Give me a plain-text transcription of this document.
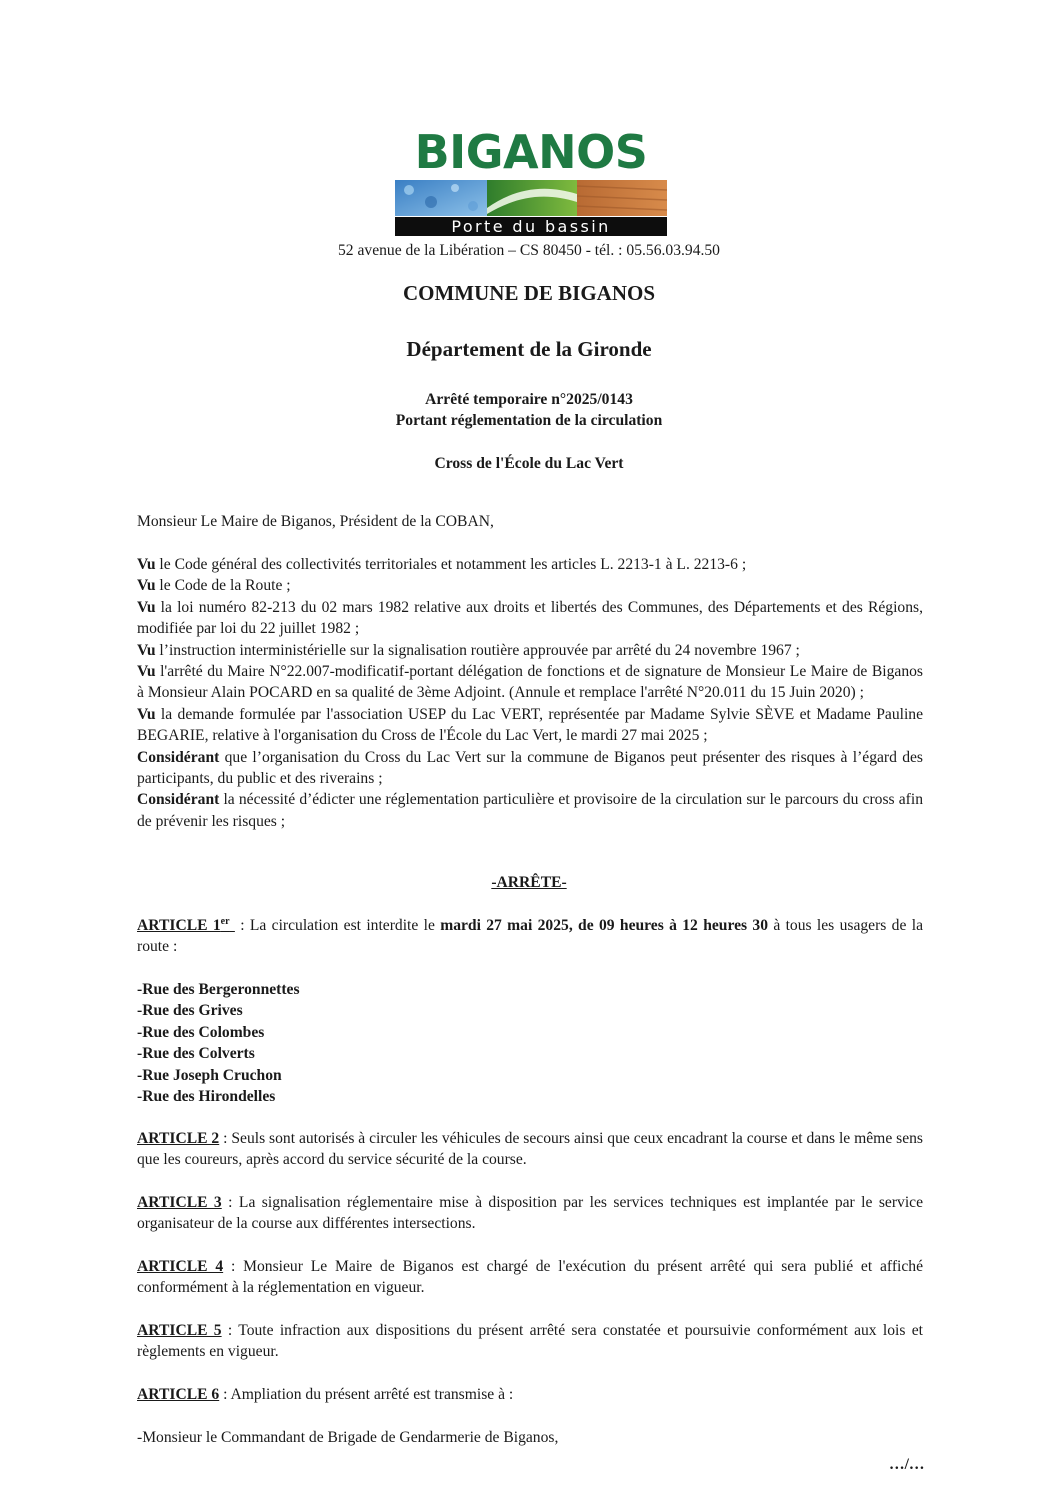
BIGANOS
Porte du bassin
52 avenue de la Libération – CS 80450 - tél. : 05.56.03.94.50
COMMUNE DE BIGANOS
Département de la Gironde
Arrêté temporaire n°2025/0143
Portant réglementation de la circulation
Cross de l'École du Lac Vert
Monsieur Le Maire de Biganos, Président de la COBAN,

Vu le Code général des collectivités territoriales et notamment les articles L. 2213-1 à L. 2213-6 ;

Vu le Code de la Route ;

Vu la loi numéro 82-213 du 02 mars 1982 relative aux droits et libertés des Communes, des Départements et des Régions, modifiée par loi du 22 juillet 1982 ;

Vu l’instruction interministérielle sur la signalisation routière approuvée par arrêté du 24 novembre 1967 ;

Vu l'arrêté du Maire N°22.007-modificatif-portant délégation de fonctions et de signature de Monsieur Le Maire de Biganos à Monsieur Alain POCARD en sa qualité de 3ème Adjoint. (Annule et remplace l'arrêté N°20.011 du 15 Juin 2020) ;

Vu la demande formulée par l'association USEP du Lac VERT, représentée par Madame Sylvie SÈVE et Madame Pauline BEGARIE, relative à l'organisation du Cross de l'École du Lac Vert, le mardi 27 mai 2025 ;

Considérant que l’organisation du Cross du Lac Vert sur la commune de Biganos peut présenter des risques à l’égard des participants, du public et des riverains ;

Considérant la nécessité d’édicter une réglementation particulière et provisoire de la circulation sur le parcours du cross afin de prévenir les risques ;

-ARRÊTE-
ARTICLE 1er  : La circulation est interdite le mardi 27 mai 2025, de 09 heures à 12 heures 30 à tous les usagers de la route :

-Rue des Bergeronnettes

-Rue des Grives

-Rue des Colombes

-Rue des Colverts

-Rue Joseph Cruchon

-Rue des Hirondelles

ARTICLE 2 : Seuls sont autorisés à circuler les véhicules de secours ainsi que ceux encadrant la course et dans le même sens que les coureurs, après accord du service sécurité de la course.
ARTICLE 3 : La signalisation réglementaire mise à disposition par les services techniques est implantée par le service organisateur de la course aux différentes intersections.
ARTICLE 4 : Monsieur Le Maire de Biganos est chargé de l'exécution du présent arrêté qui sera publié et affiché conformément à la réglementation en vigueur.
ARTICLE 5 : Toute infraction aux dispositions du présent arrêté sera constatée et poursuivie conformément aux lois et règlements en vigueur.
ARTICLE 6 : Ampliation du présent arrêté est transmise à :
-Monsieur le Commandant de Brigade de Gendarmerie de Biganos,
…/…
